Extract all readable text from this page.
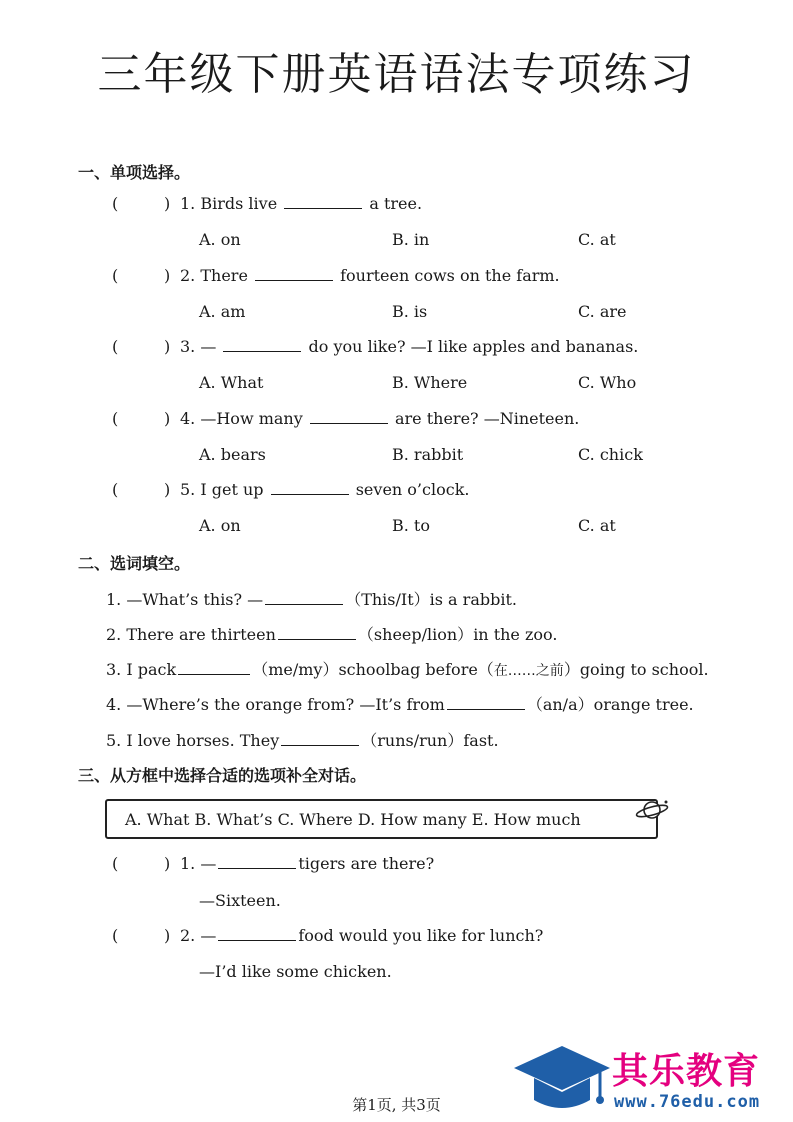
三年级下册英语语法专项练习
一、单项选择。
(	) 1. Birds live	a tree.
A. on	B. in	C. at
(	) 2. There	fourteen cows on the farm.
A. am	B. is	C. are
(	) 3. —	do you like? —I like apples and bananas.
A. What	B. Where	C. Who
(	) 4. —How many	are there? —Nineteen.
A. bears	B. rabbit	C. chick
(	) 5. I get up	seven o’clock.
A. on	B. to	C. at
二、选词填空。
1. —What’s this? —	（This/It）is a rabbit.
2. There are thirteen	（sheep/lion）in the zoo.
3. I pack	（me/my）schoolbag before（在……之前）going to school.
4. —Where’s the orange from? —It’s from	（an/a）orange tree.
5. I love horses. They	（runs/run）fast.
三、从方框中选择合适的选项补全对话。
A. What B. What’s C. Where D. How many E. How much
(	) 1. —	tigers are there?
—Sixteen.
(	) 2. —	food would you like for lunch?
—I’d like some chicken.
其乐教育
www.76edu.com
第1页, 共3页
